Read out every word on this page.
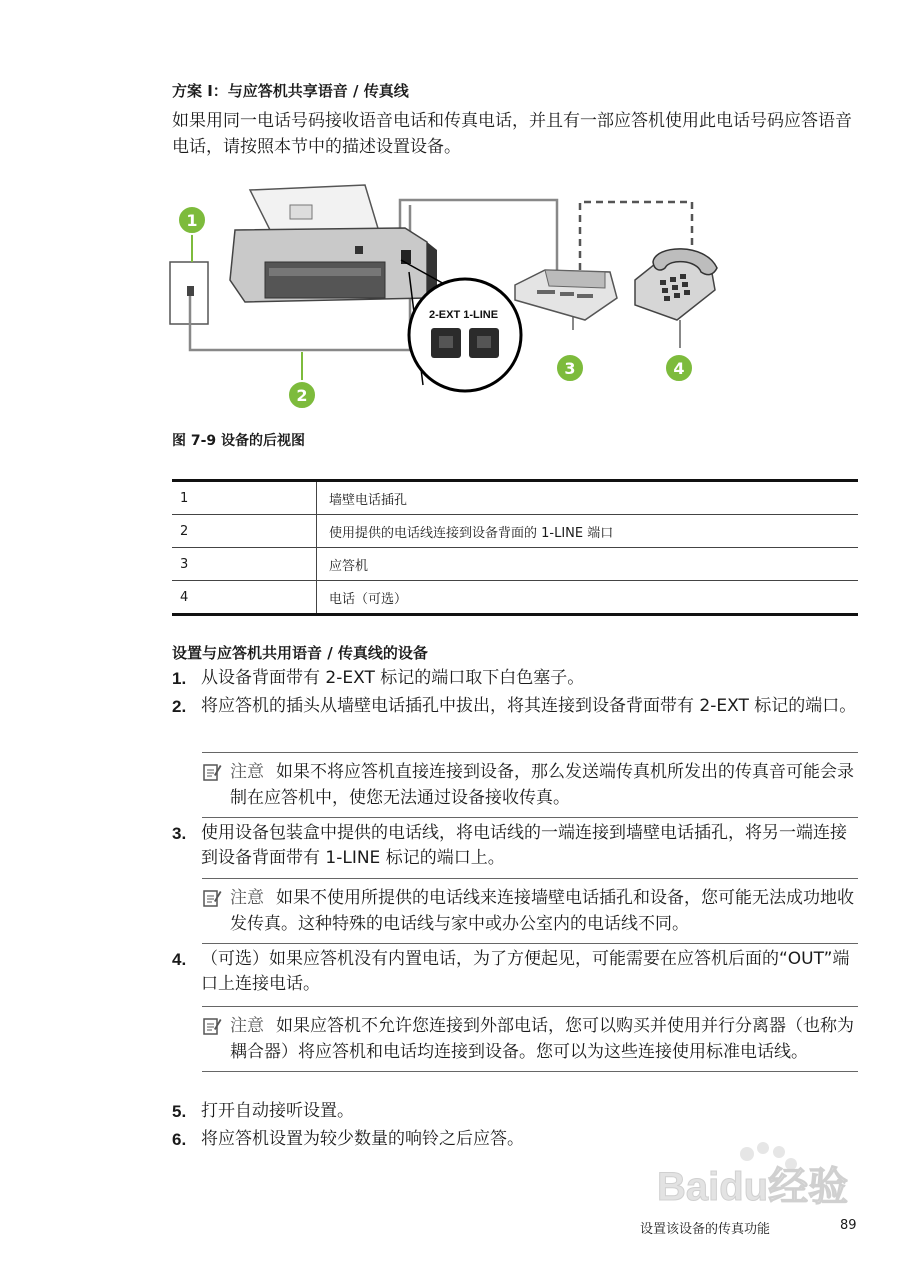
方案 I：与应答机共享语音 / 传真线
如果用同一电话号码接收语音电话和传真电话，并且有一部应答机使用此电话号码应答语音电话，请按照本节中的描述设置设备。
2-EXT 1-LINE
1
2
3	4
图 7-9 设备的后视图
1	墙壁电话插孔
2	使用提供的电话线连接到设备背面的 1-LINE 端口
3	应答机
4	电话（可选）
设置与应答机共用语音 / 传真线的设备
1. 从设备背面带有 2-EXT 标记的端口取下白色塞子。
2. 将应答机的插头从墙壁电话插孔中拔出，将其连接到设备背面带有 2-EXT 标记的端口。
注意 如果不将应答机直接连接到设备，那么发送端传真机所发出的传真音可能会录制在应答机中，使您无法通过设备接收传真。
3. 使用设备包装盒中提供的电话线，将电话线的一端连接到墙壁电话插孔，将另一端连接到设备背面带有 1-LINE 标记的端口上。
注意 如果不使用所提供的电话线来连接墙壁电话插孔和设备，您可能无法成功地收发传真。这种特殊的电话线与家中或办公室内的电话线不同。
4. （可选）如果应答机没有内置电话，为了方便起见，可能需要在应答机后面的“OUT”端口上连接电话。
注意 如果应答机不允许您连接到外部电话，您可以购买并使用并行分离器（也称为耦合器）将应答机和电话均连接到设备。您可以为这些连接使用标准电话线。
5. 打开自动接听设置。
6. 将应答机设置为较少数量的响铃之后应答。
Baidu经验
设置该设备的传真功能	89
